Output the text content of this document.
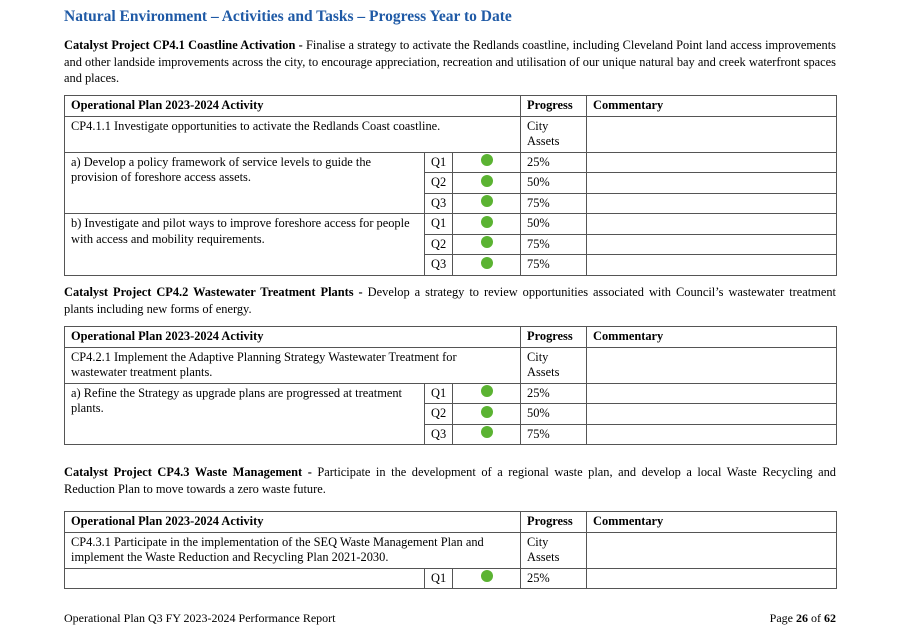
Natural Environment – Activities and Tasks – Progress Year to Date
Catalyst Project CP4.1 Coastline Activation - Finalise a strategy to activate the Redlands coastline, including Cleveland Point land access improvements and other landside improvements across the city, to encourage appreciation, recreation and utilisation of our unique natural bay and creek waterfront spaces and places.
Operational Plan 2023-2024 Activity			Progress	Commentary
CP4.1.1 Investigate opportunities to activate the Redlands Coast coastline.			City Assets	
a) Develop a policy framework of service levels to guide the provision of foreshore access assets.	Q1		25%	
	Q2		50%	
	Q3		75%	
b) Investigate and pilot ways to improve foreshore access for people with access and mobility requirements.	Q1		50%	
	Q2		75%	
	Q3		75%	
Catalyst Project CP4.2 Wastewater Treatment Plants - Develop a strategy to review opportunities associated with Council’s wastewater treatment plants including new forms of energy.
Operational Plan 2023-2024 Activity			Progress	Commentary
CP4.2.1 Implement the Adaptive Planning Strategy Wastewater Treatment for wastewater treatment plants.			City Assets	
a) Refine the Strategy as upgrade plans are progressed at treatment plants.	Q1		25%	
	Q2		50%	
	Q3		75%	
Catalyst Project CP4.3 Waste Management - Participate in the development of a regional waste plan, and develop a local Waste Recycling and Reduction Plan to move towards a zero waste future.
Operational Plan 2023-2024 Activity			Progress	Commentary
CP4.3.1 Participate in the implementation of the SEQ Waste Management Plan and implement the Waste Reduction and Recycling Plan 2021-2030.			City Assets	
	Q1		25%	
Operational Plan Q3 FY 2023-2024 Performance Report	Page 26 of 62
